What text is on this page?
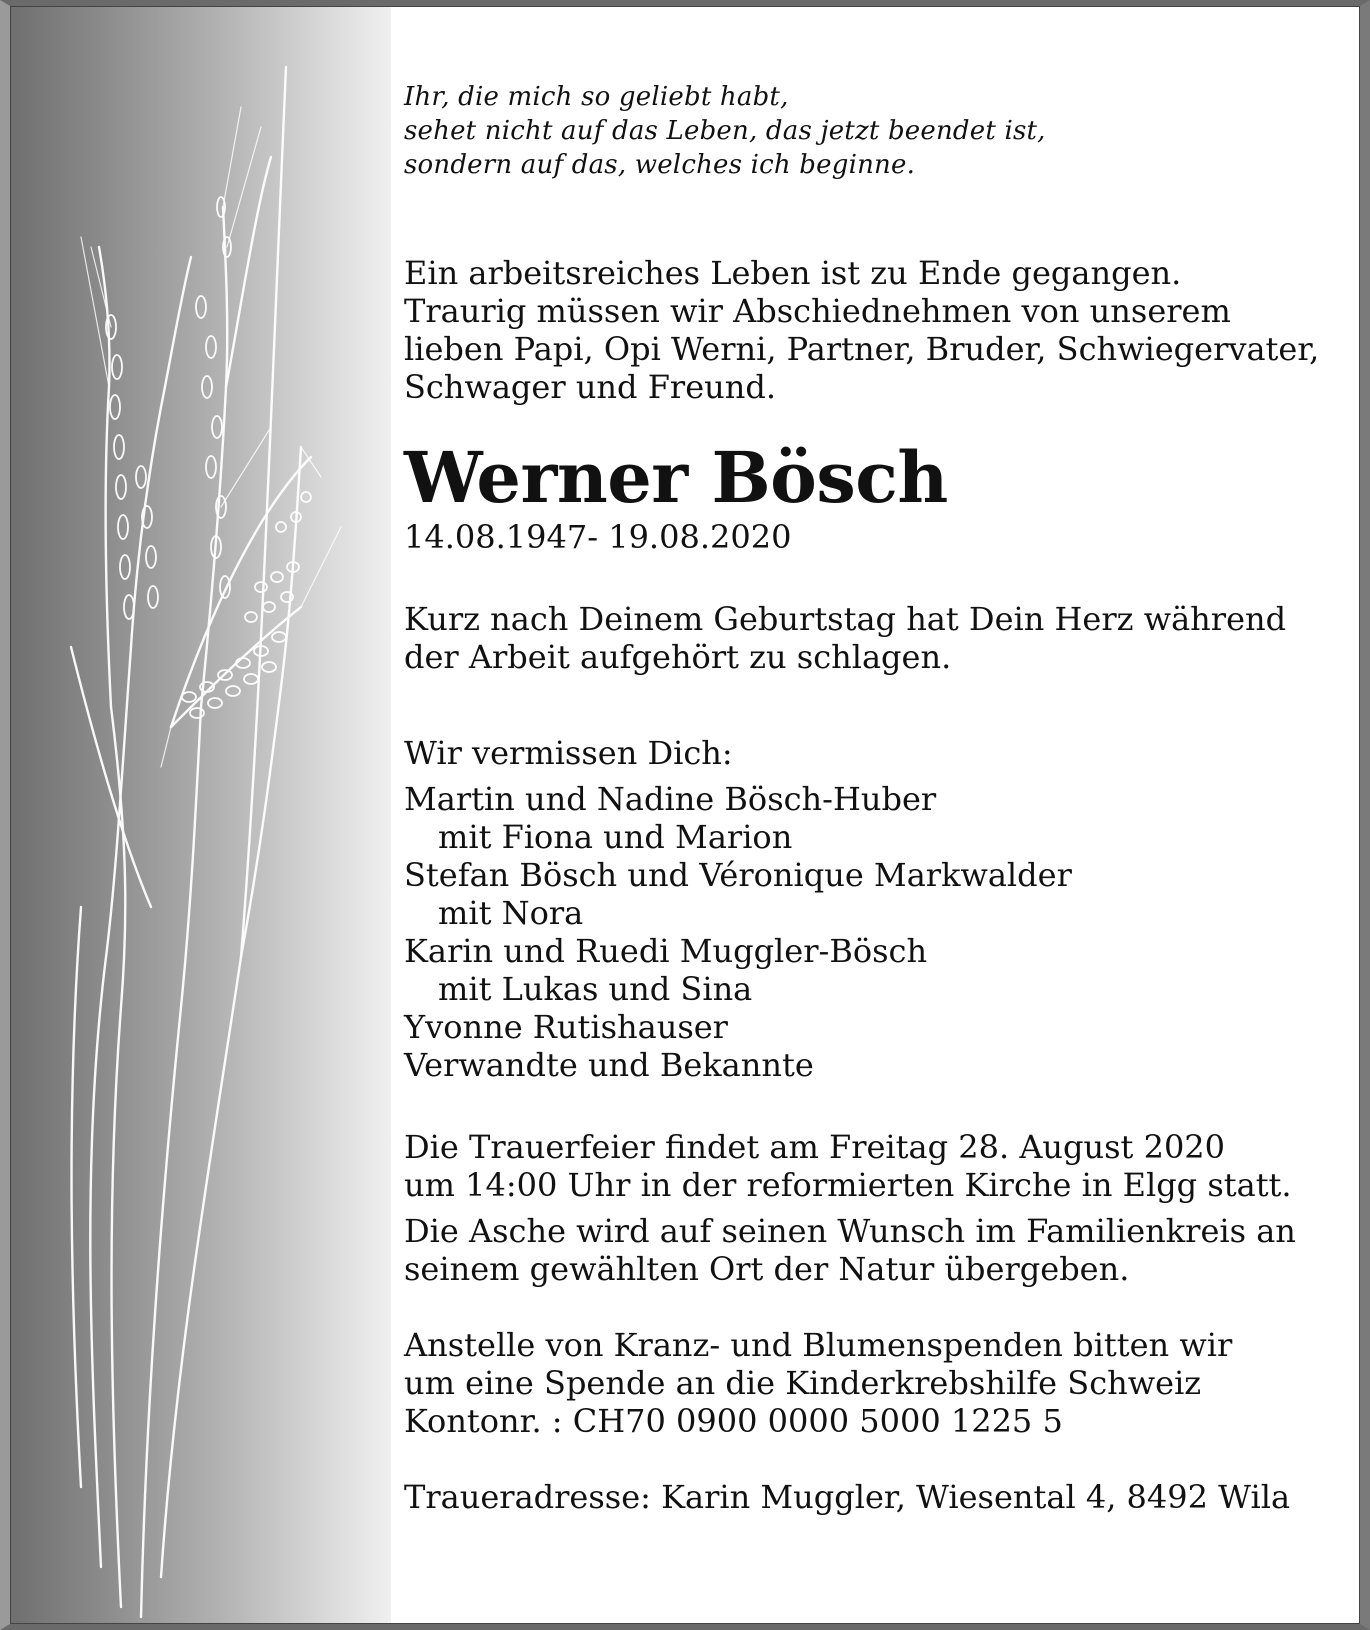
Ihr, die mich so geliebt habt,
sehet nicht auf das Leben, das jetzt beendet ist,
sondern auf das, welches ich beginne.
Ein arbeitsreiches Leben ist zu Ende gegangen.
Traurig müssen wir Abschiednehmen von unserem
lieben Papi, Opi Werni, Partner, Bruder, Schwiegervater,
Schwager und Freund.
Werner Bösch
14.08.1947- 19.08.2020
Kurz nach Deinem Geburtstag hat Dein Herz während
der Arbeit aufgehört zu schlagen.
Wir vermissen Dich:
Martin und Nadine Bösch-Huber
mit Fiona und Marion
Stefan Bösch und Véronique Markwalder
mit Nora
Karin und Ruedi Muggler-Bösch
mit Lukas und Sina
Yvonne Rutishauser
Verwandte und Bekannte
Die Trauerfeier findet am Freitag 28. August 2020
um 14:00 Uhr in der reformierten Kirche in Elgg statt.
Die Asche wird auf seinen Wunsch im Familienkreis an
seinem gewählten Ort der Natur übergeben.
Anstelle von Kranz- und Blumenspenden bitten wir
um eine Spende an die Kinderkrebshilfe Schweiz
Kontonr. : CH70 0900 0000 5000 1225 5
Traueradresse: Karin Muggler, Wiesental 4, 8492 Wila
